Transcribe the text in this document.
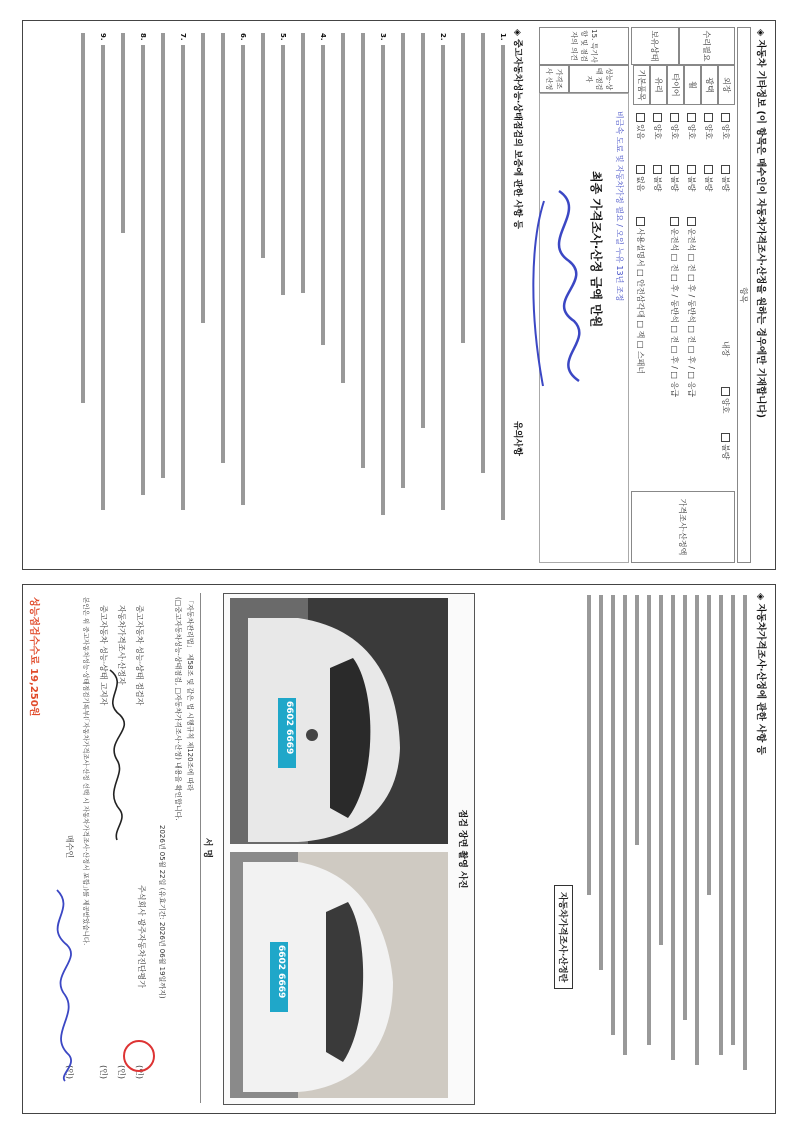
◈ 자동차 기타정보 (이 항목은 매수인이 자동차가격조사·산정을 원하는 경우에만 기재합니다)
항목
수리필요
보유상태
외장
양호
불량
광택
양호
불량
휠
양호
불량
운전석 □ 전 □ 후 / 동반석 □ 전 □ 후 / □ 응급
타이어
양호
불량
운전석 □ 전 □ 후 / 동반석 □ 전 □ 후 / □ 응급
유리
양호
불량
기본품목
있음
없음
사용설명서 □ 안전삼각대 □ 잭 □ 스패너	내장
양호
불량
가격조사·산정액
15. 특기사항 및 점검자의 의견
성능·상태 점검자
가격조사 산정
비금속 도료 및 자동차가정 필요 / 오일 누유 13년 조정
최종 가격조사·산정 금액 만원
◈ 중고자동차성능·상태점검의 보증에 관한 사항 등
유의사항
1.
2.
3.
4.
5.
6.
7.
8.
9.
◈ 자동차가격조사·산정에 관한 사항 등
자동차가격조사·산정란
점검 장면 촬영 사진
6602 6669
6602 6669
서 명
「자동차관리법」 제58조 및 같은 법 시행규칙 제120조에 따라
(□중고자동차성능·상태점검, □자동차가격조사·산정) 내용을 확인합니다.
2026년 05월 22일 (유효기간: 2026년 06월 19일까지)
주식회사 광주자동차진단평가
중고자동차 성능·상태 점검자
자동차가격조사·산정자
중고자동차 성능·상태 고지자
(인)
(인)
(인)
본인은 위 중고자동차성능·상태점검기록부(「자동차가격조사·산정 선택 시 자동차가격조사·산정서 포함」)를 제공받았습니다.
매수인
(인)
성능점검수수료 19,250원
